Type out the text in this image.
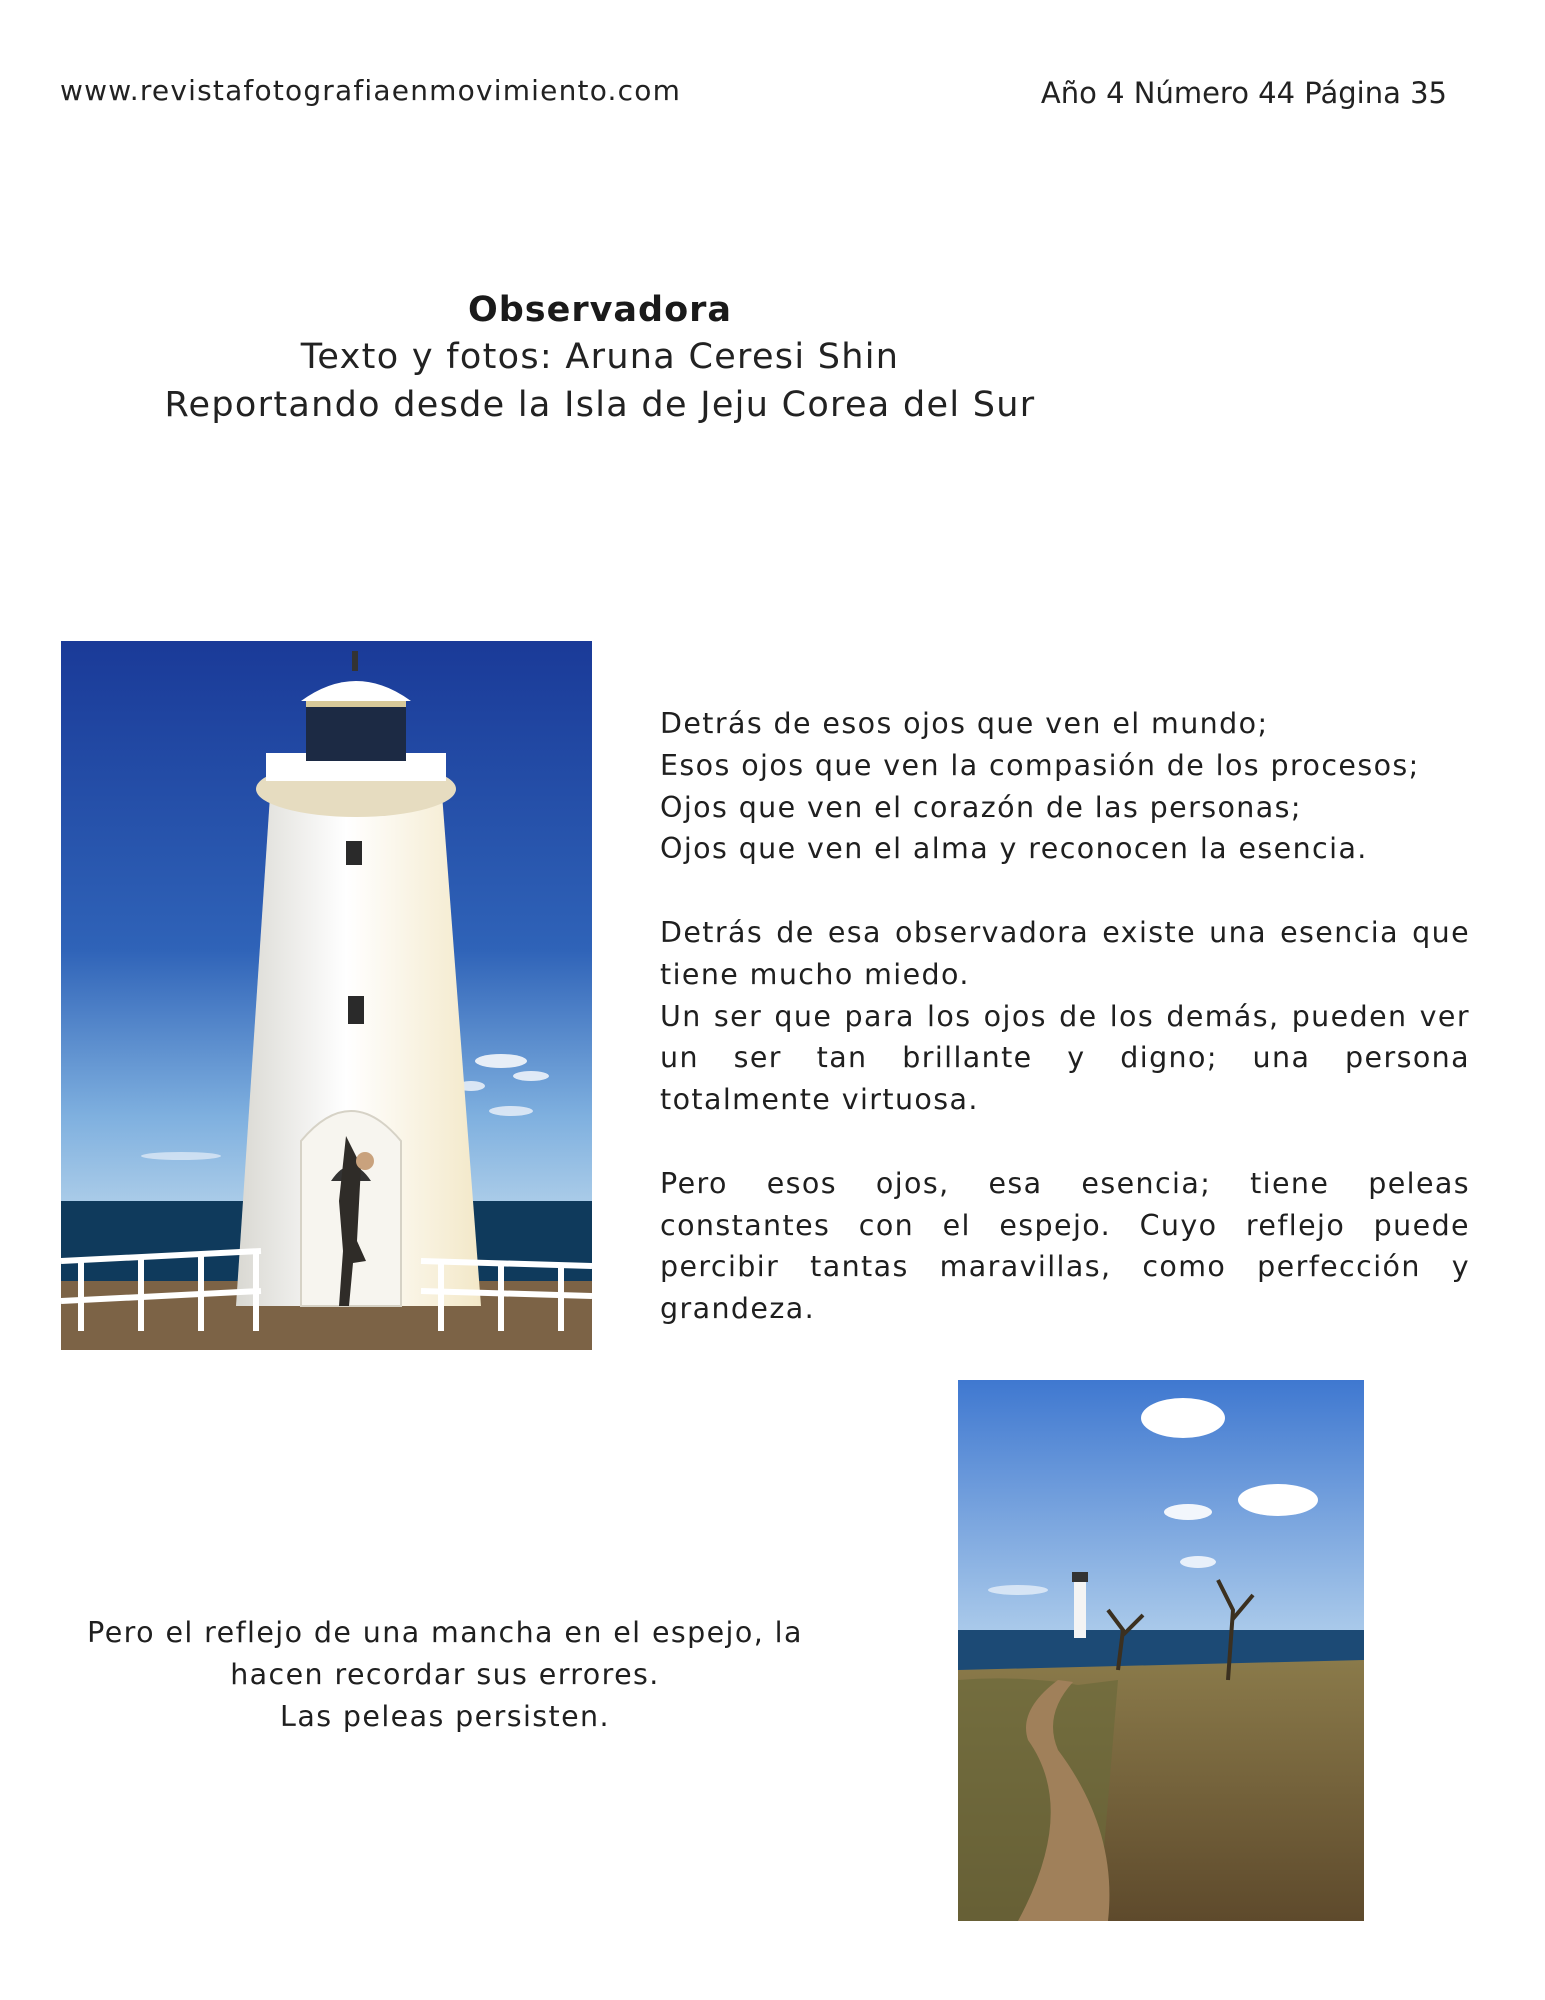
www.revistafotografiaenmovimiento.com	Año 4 Número 44 Página 35
Observadora
Texto y fotos: Aruna Ceresi Shin
Reportando desde la Isla de Jeju Corea del Sur

Detrás de esos ojos que ven el mundo;
Esos ojos que ven la compasión de los procesos;
Ojos que ven el corazón de las personas;
Ojos que ven el alma y reconocen la esencia.

Detrás de esa observadora existe una esencia que tiene mucho miedo.
Un ser que para los ojos de los demás, pueden ver un ser tan brillante y digno; una persona totalmente virtuosa.

Pero esos ojos, esa esencia; tiene peleas constantes con el espejo. Cuyo reflejo puede percibir tantas maravillas, como perfección y grandeza.

Pero el reflejo de una mancha en el espejo, la
hacen recordar sus errores.
Las peleas persisten.
